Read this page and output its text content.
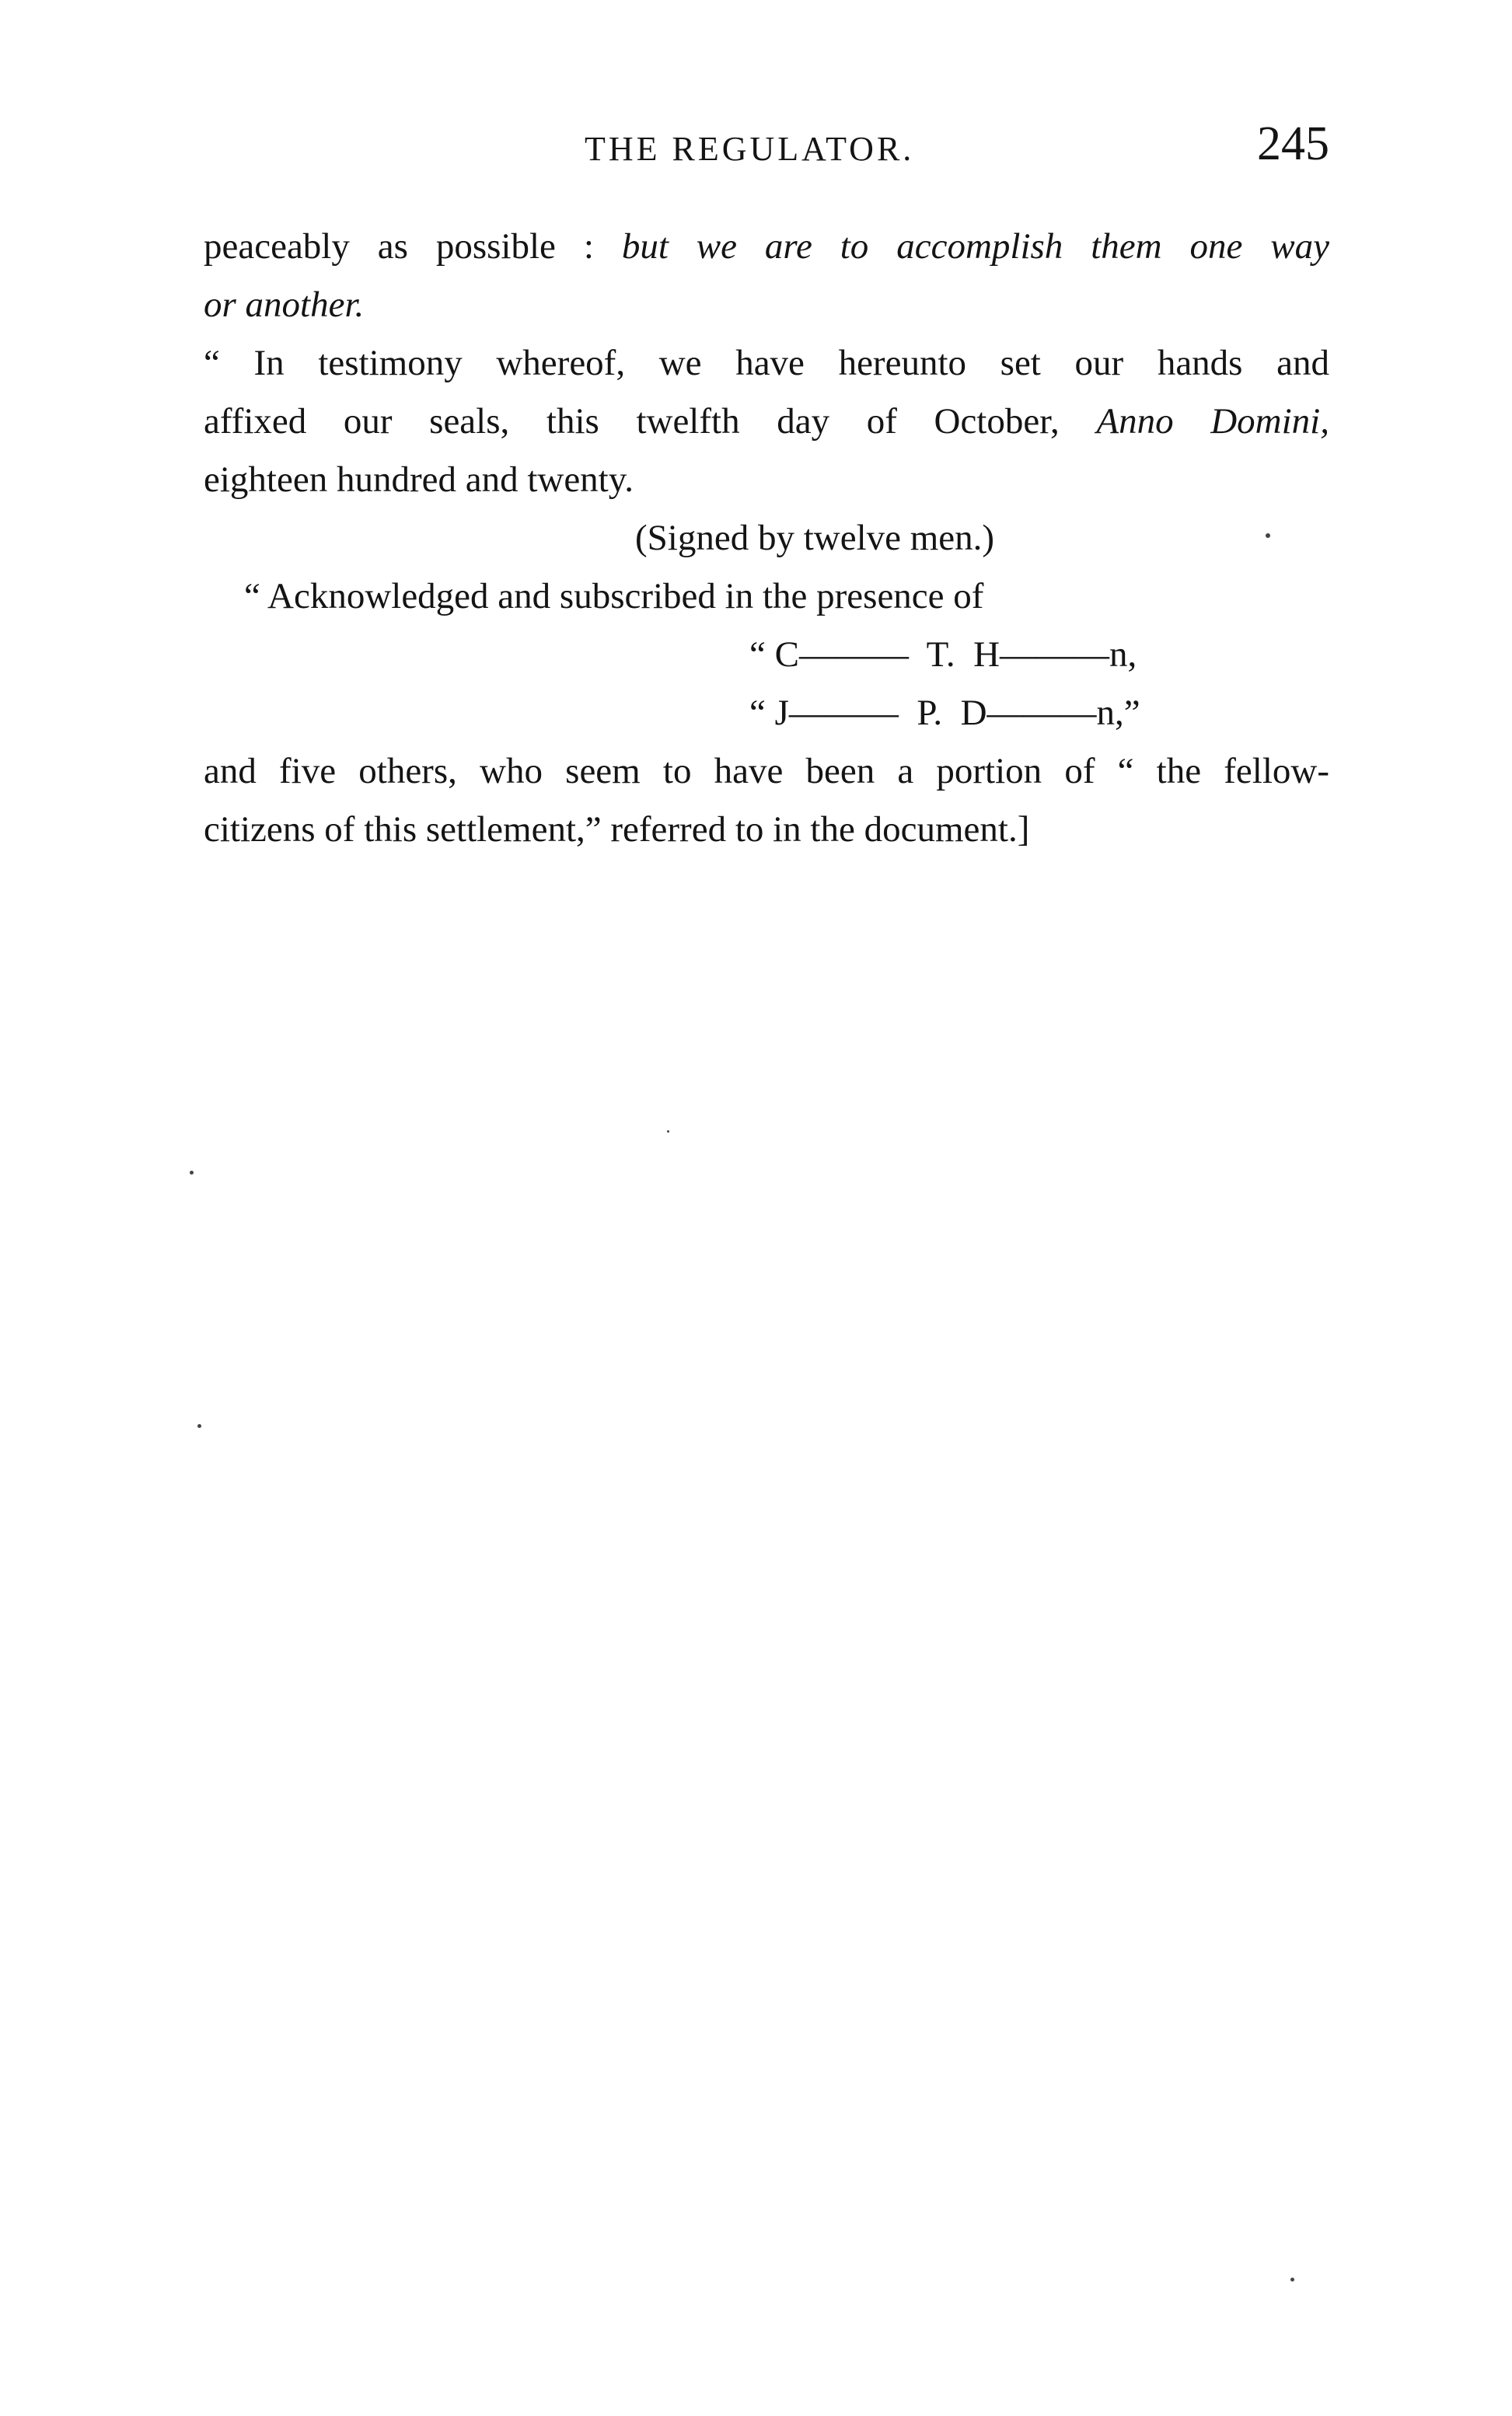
THE REGULATOR.	245
peaceably as possible : but we are to accomplish them one way
or another.
“ In testimony whereof, we have hereunto set our hands and
affixed our seals, this twelfth day of October, Anno Domini,
eighteen hundred and twenty.
(Signed by twelve men.)
“ Acknowledged and subscribed in the presence of
“ C———  T.  H———n,
“ J———  P.  D———n,”
and five others, who seem to have been a portion of “ the fellow-
citizens of this settlement,” referred to in the document.]
